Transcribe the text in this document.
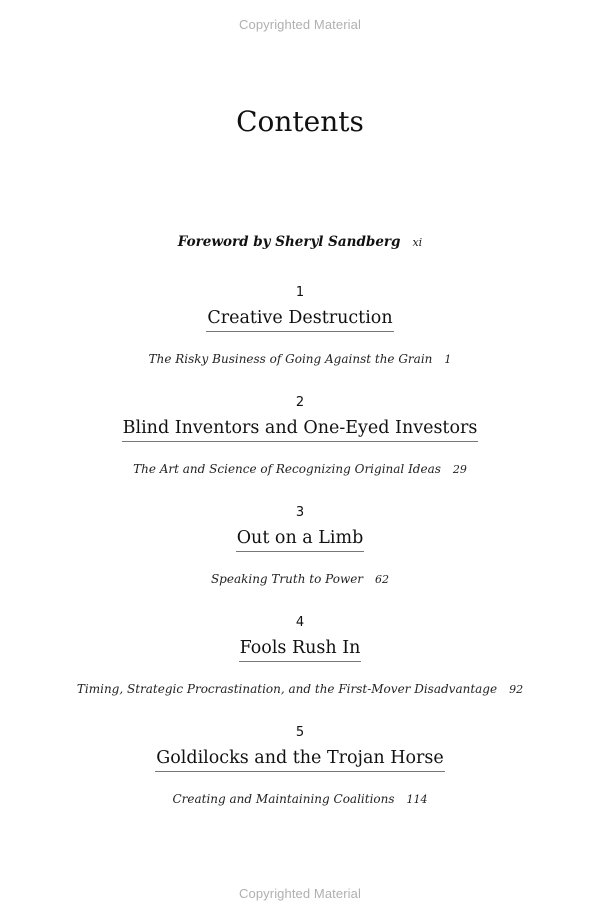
Copyrighted Material
Contents
Foreword by Sheryl Sandberg xi
1
Creative Destruction
The Risky Business of Going Against the Grain 1
2
Blind Inventors and One-Eyed Investors
The Art and Science of Recognizing Original Ideas 29
3
Out on a Limb
Speaking Truth to Power 62
4
Fools Rush In
Timing, Strategic Procrastination, and the First-Mover Disadvantage 92
5
Goldilocks and the Trojan Horse
Creating and Maintaining Coalitions 114
Copyrighted Material
